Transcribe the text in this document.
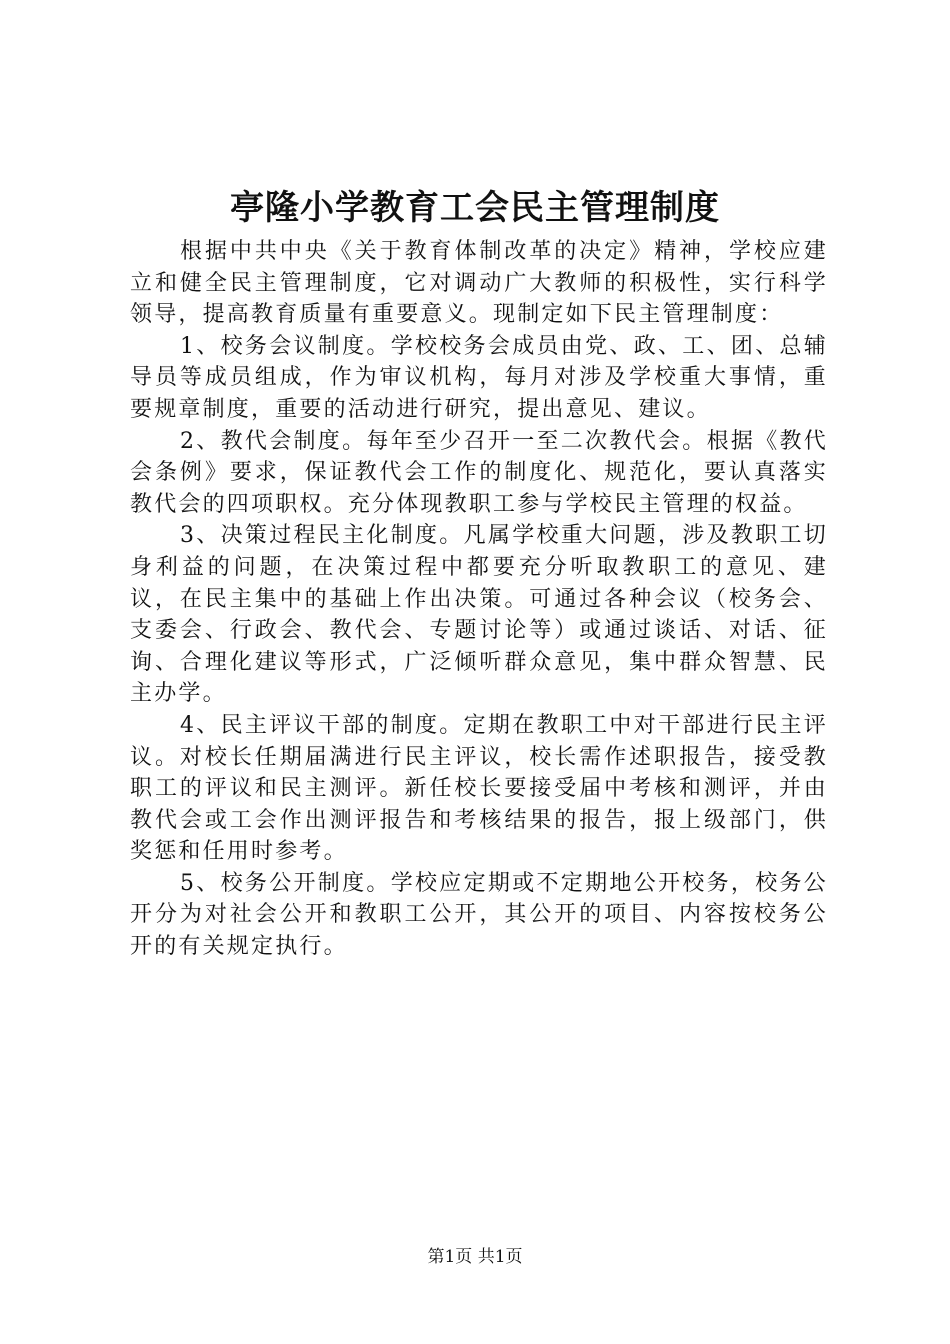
亭隆小学教育工会民主管理制度

根据中共中央《关于教育体制改革的决定》精神，学校应建立和健全民主管理制度，它对调动广大教师的积极性，实行科学领导，提高教育质量有重要意义。现制定如下民主管理制度：

1、校务会议制度。学校校务会成员由党、政、工、团、总辅导员等成员组成，作为审议机构，每月对涉及学校重大事情，重要规章制度，重要的活动进行研究，提出意见、建议。

2、教代会制度。每年至少召开一至二次教代会。根据《教代会条例》要求，保证教代会工作的制度化、规范化，要认真落实教代会的四项职权。充分体现教职工参与学校民主管理的权益。

3、决策过程民主化制度。凡属学校重大问题，涉及教职工切身利益的问题，在决策过程中都要充分听取教职工的意见、建议，在民主集中的基础上作出决策。可通过各种会议（校务会、支委会、行政会、教代会、专题讨论等）或通过谈话、对话、征询、合理化建议等形式，广泛倾听群众意见，集中群众智慧、民主办学。

4、民主评议干部的制度。定期在教职工中对干部进行民主评议。对校长任期届满进行民主评议，校长需作述职报告，接受教职工的评议和民主测评。新任校长要接受届中考核和测评，并由教代会或工会作出测评报告和考核结果的报告，报上级部门，供奖惩和任用时参考。

5、校务公开制度。学校应定期或不定期地公开校务，校务公开分为对社会公开和教职工公开，其公开的项目、内容按校务公开的有关规定执行。

第1页 共1页
